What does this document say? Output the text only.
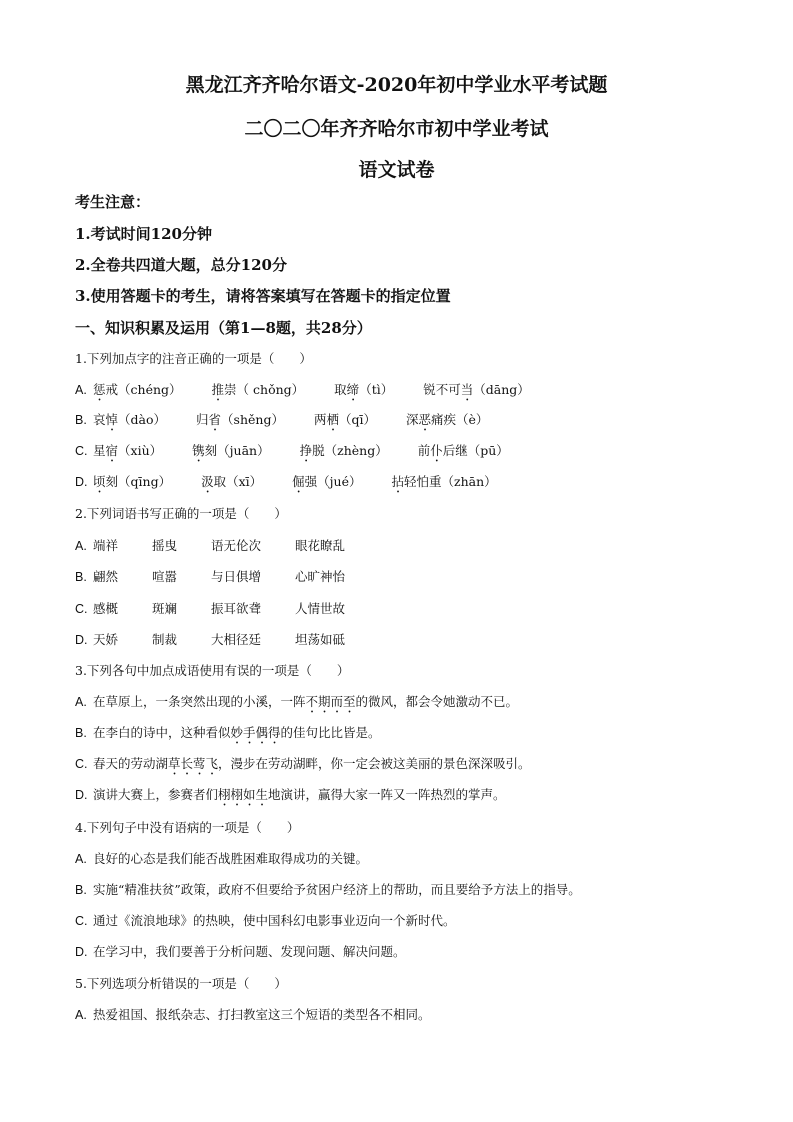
黑龙江齐齐哈尔语文-2020年初中学业水平考试题
二〇二〇年齐齐哈尔市初中学业考试
语文试卷
考生注意：
1.考试时间120分钟
2.全卷共四道大题，总分120分
3.使用答题卡的考生，请将答案填写在答题卡的指定位置
一、知识积累及运用（第1—8题，共28分）
1.下列加点字的注音正确的一项是（　　）
A. 惩戒（chéng） 推崇（ chǒng） 取缔（tì） 锐不可当（dāng）
B. 哀悼（dào） 归省（shěng） 两栖（qī） 深恶痛疾（è）
C. 星宿（xiù） 镌刻（juān） 挣脱（zhèng） 前仆后继（pū）
D. 顷刻（qīng） 汲取（xī） 倔强（jué） 拈轻怕重（zhān）
2.下列词语书写正确的一项是（　　）
A. 端祥	摇曳	语无伦次	眼花瞭乱
B. 翩然	喧嚣	与日俱增	心旷神怡
C. 感概	斑斓	振耳欲聋	人情世故
D. 天娇	制裁	大相径廷	坦荡如砥
3.下列各句中加点成语使用有误的一项是（　　）
A. 在草原上，一条突然出现的小溪，一阵不期而至的微风，都会令她激动不已。
B. 在李白的诗中，这种看似妙手偶得的佳句比比皆是。
C. 春天的劳动湖草长莺飞，漫步在劳动湖畔，你一定会被这美丽的景色深深吸引。
D. 演讲大赛上，参赛者们栩栩如生地演讲，赢得大家一阵又一阵热烈的掌声。
4.下列句子中没有语病的一项是（　　）
A. 良好的心态是我们能否战胜困难取得成功的关键。
B. 实施“精准扶贫”政策，政府不但要给予贫困户经济上的帮助，而且要给予方法上的指导。
C. 通过《流浪地球》的热映，使中国科幻电影事业迈向一个新时代。
D. 在学习中，我们要善于分析问题、发现问题、解决问题。
5.下列选项分析错误的一项是（　　）
A. 热爱祖国、报纸杂志、打扫教室这三个短语的类型各不相同。
